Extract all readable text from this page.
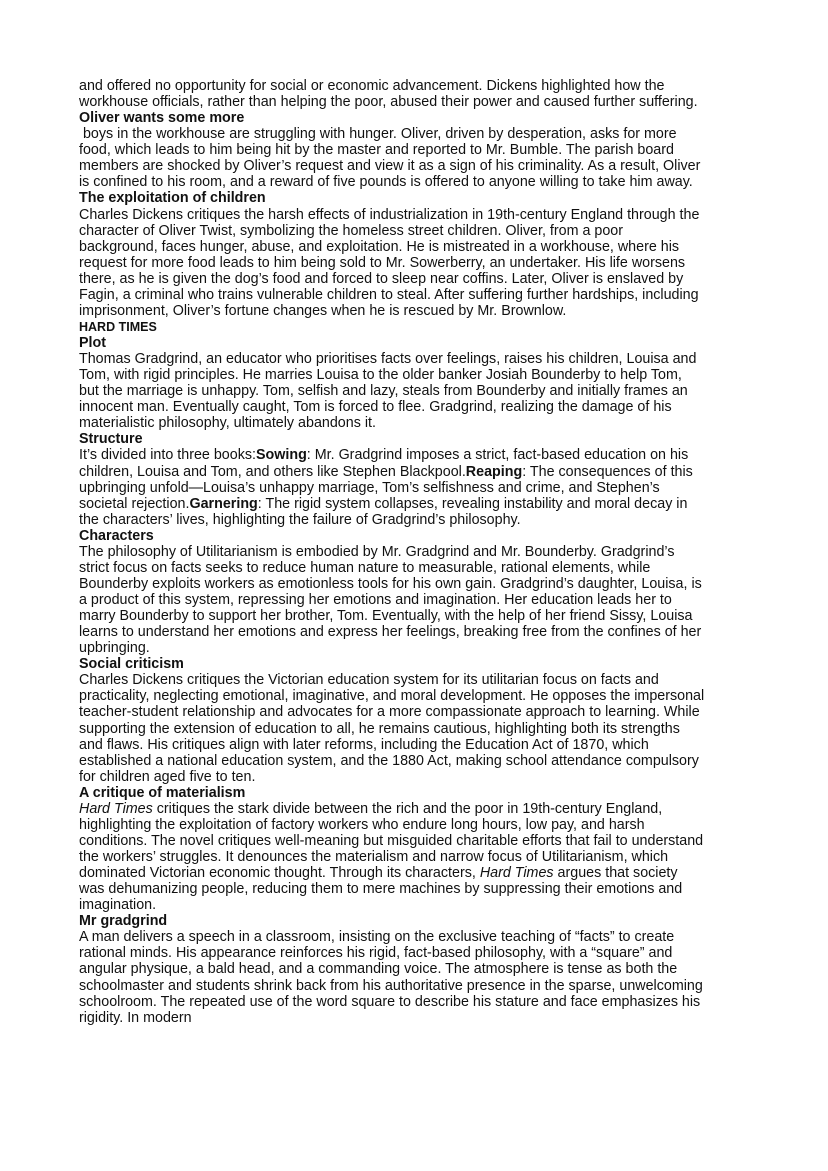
and offered no opportunity for social or economic advancement. Dickens highlighted how the
workhouse officials, rather than helping the poor, abused their power and caused further suffering.
Oliver wants some more
boys in the workhouse are struggling with hunger. Oliver, driven by desperation, asks for more
food, which leads to him being hit by the master and reported to Mr. Bumble. The parish board
members are shocked by Oliver’s request and view it as a sign of his criminality. As a result, Oliver
is confined to his room, and a reward of five pounds is offered to anyone willing to take him away.
The exploitation of children
Charles Dickens critiques the harsh effects of industrialization in 19th-century England through the
character of Oliver Twist, symbolizing the homeless street children. Oliver, from a poor
background, faces hunger, abuse, and exploitation. He is mistreated in a workhouse, where his
request for more food leads to him being sold to Mr. Sowerberry, an undertaker. His life worsens
there, as he is given the dog’s food and forced to sleep near coffins. Later, Oliver is enslaved by
Fagin, a criminal who trains vulnerable children to steal. After suffering further hardships, including
imprisonment, Oliver’s fortune changes when he is rescued by Mr. Brownlow.
HARD TIMES
Plot
Thomas Gradgrind, an educator who prioritises facts over feelings, raises his children, Louisa and
Tom, with rigid principles. He marries Louisa to the older banker Josiah Bounderby to help Tom,
but the marriage is unhappy. Tom, selfish and lazy, steals from Bounderby and initially frames an
innocent man. Eventually caught, Tom is forced to flee. Gradgrind, realizing the damage of his
materialistic philosophy, ultimately abandons it.
Structure
It’s divided into three books:Sowing: Mr. Gradgrind imposes a strict, fact-based education on his
children, Louisa and Tom, and others like Stephen Blackpool.Reaping: The consequences of this
upbringing unfold—Louisa’s unhappy marriage, Tom’s selfishness and crime, and Stephen’s
societal rejection.Garnering: The rigid system collapses, revealing instability and moral decay in
the characters’ lives, highlighting the failure of Gradgrind’s philosophy.
Characters
The philosophy of Utilitarianism is embodied by Mr. Gradgrind and Mr. Bounderby. Gradgrind’s
strict focus on facts seeks to reduce human nature to measurable, rational elements, while
Bounderby exploits workers as emotionless tools for his own gain. Gradgrind’s daughter, Louisa, is
a product of this system, repressing her emotions and imagination. Her education leads her to
marry Bounderby to support her brother, Tom. Eventually, with the help of her friend Sissy, Louisa
learns to understand her emotions and express her feelings, breaking free from the confines of her
upbringing.
Social criticism
Charles Dickens critiques the Victorian education system for its utilitarian focus on facts and
practicality, neglecting emotional, imaginative, and moral development. He opposes the impersonal
teacher-student relationship and advocates for a more compassionate approach to learning. While
supporting the extension of education to all, he remains cautious, highlighting both its strengths
and flaws. His critiques align with later reforms, including the Education Act of 1870, which
established a national education system, and the 1880 Act, making school attendance compulsory
for children aged five to ten.
A critique of materialism
Hard Times critiques the stark divide between the rich and the poor in 19th-century England,
highlighting the exploitation of factory workers who endure long hours, low pay, and harsh
conditions. The novel critiques well-meaning but misguided charitable efforts that fail to understand
the workers’ struggles. It denounces the materialism and narrow focus of Utilitarianism, which
dominated Victorian economic thought. Through its characters, Hard Times argues that society
was dehumanizing people, reducing them to mere machines by suppressing their emotions and
imagination.
Mr gradgrind
A man delivers a speech in a classroom, insisting on the exclusive teaching of “facts” to create
rational minds. His appearance reinforces his rigid, fact-based philosophy, with a “square” and
angular physique, a bald head, and a commanding voice. The atmosphere is tense as both the
schoolmaster and students shrink back from his authoritative presence in the sparse, unwelcoming
schoolroom. The repeated use of the word square to describe his stature and face emphasizes his
rigidity. In modern
